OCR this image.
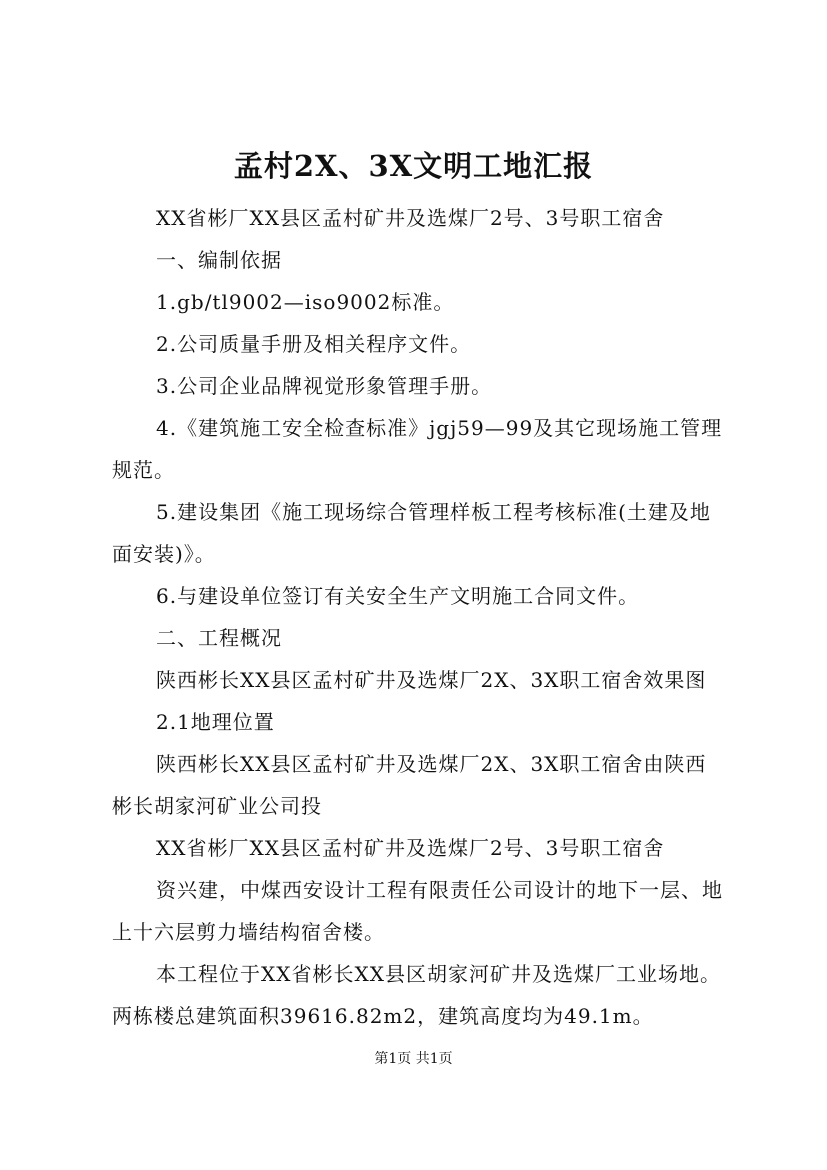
孟村2X、3X文明工地汇报

XX省彬厂XX县区孟村矿井及选煤厂2号、3号职工宿舍

一、编制依据

1.gb/tl9002—iso9002标准。

2.公司质量手册及相关程序文件。

3.公司企业品牌视觉形象管理手册。

4.《建筑施工安全检查标准》jgj59—99及其它现场施工管理规范。

5.建设集团《施工现场综合管理样板工程考核标准(土建及地面安装)》。

6.与建设单位签订有关安全生产文明施工合同文件。

二、工程概况

陕西彬长XX县区孟村矿井及选煤厂2X、3X职工宿舍效果图

2.1地理位置

陕西彬长XX县区孟村矿井及选煤厂2X、3X职工宿舍由陕西彬长胡家河矿业公司投

XX省彬厂XX县区孟村矿井及选煤厂2号、3号职工宿舍

资兴建，中煤西安设计工程有限责任公司设计的地下一层、地上十六层剪力墙结构宿舍楼。

本工程位于XX省彬长XX县区胡家河矿井及选煤厂工业场地。两栋楼总建筑面积39616.82m2，建筑高度均为49.1m。

第1页 共1页
